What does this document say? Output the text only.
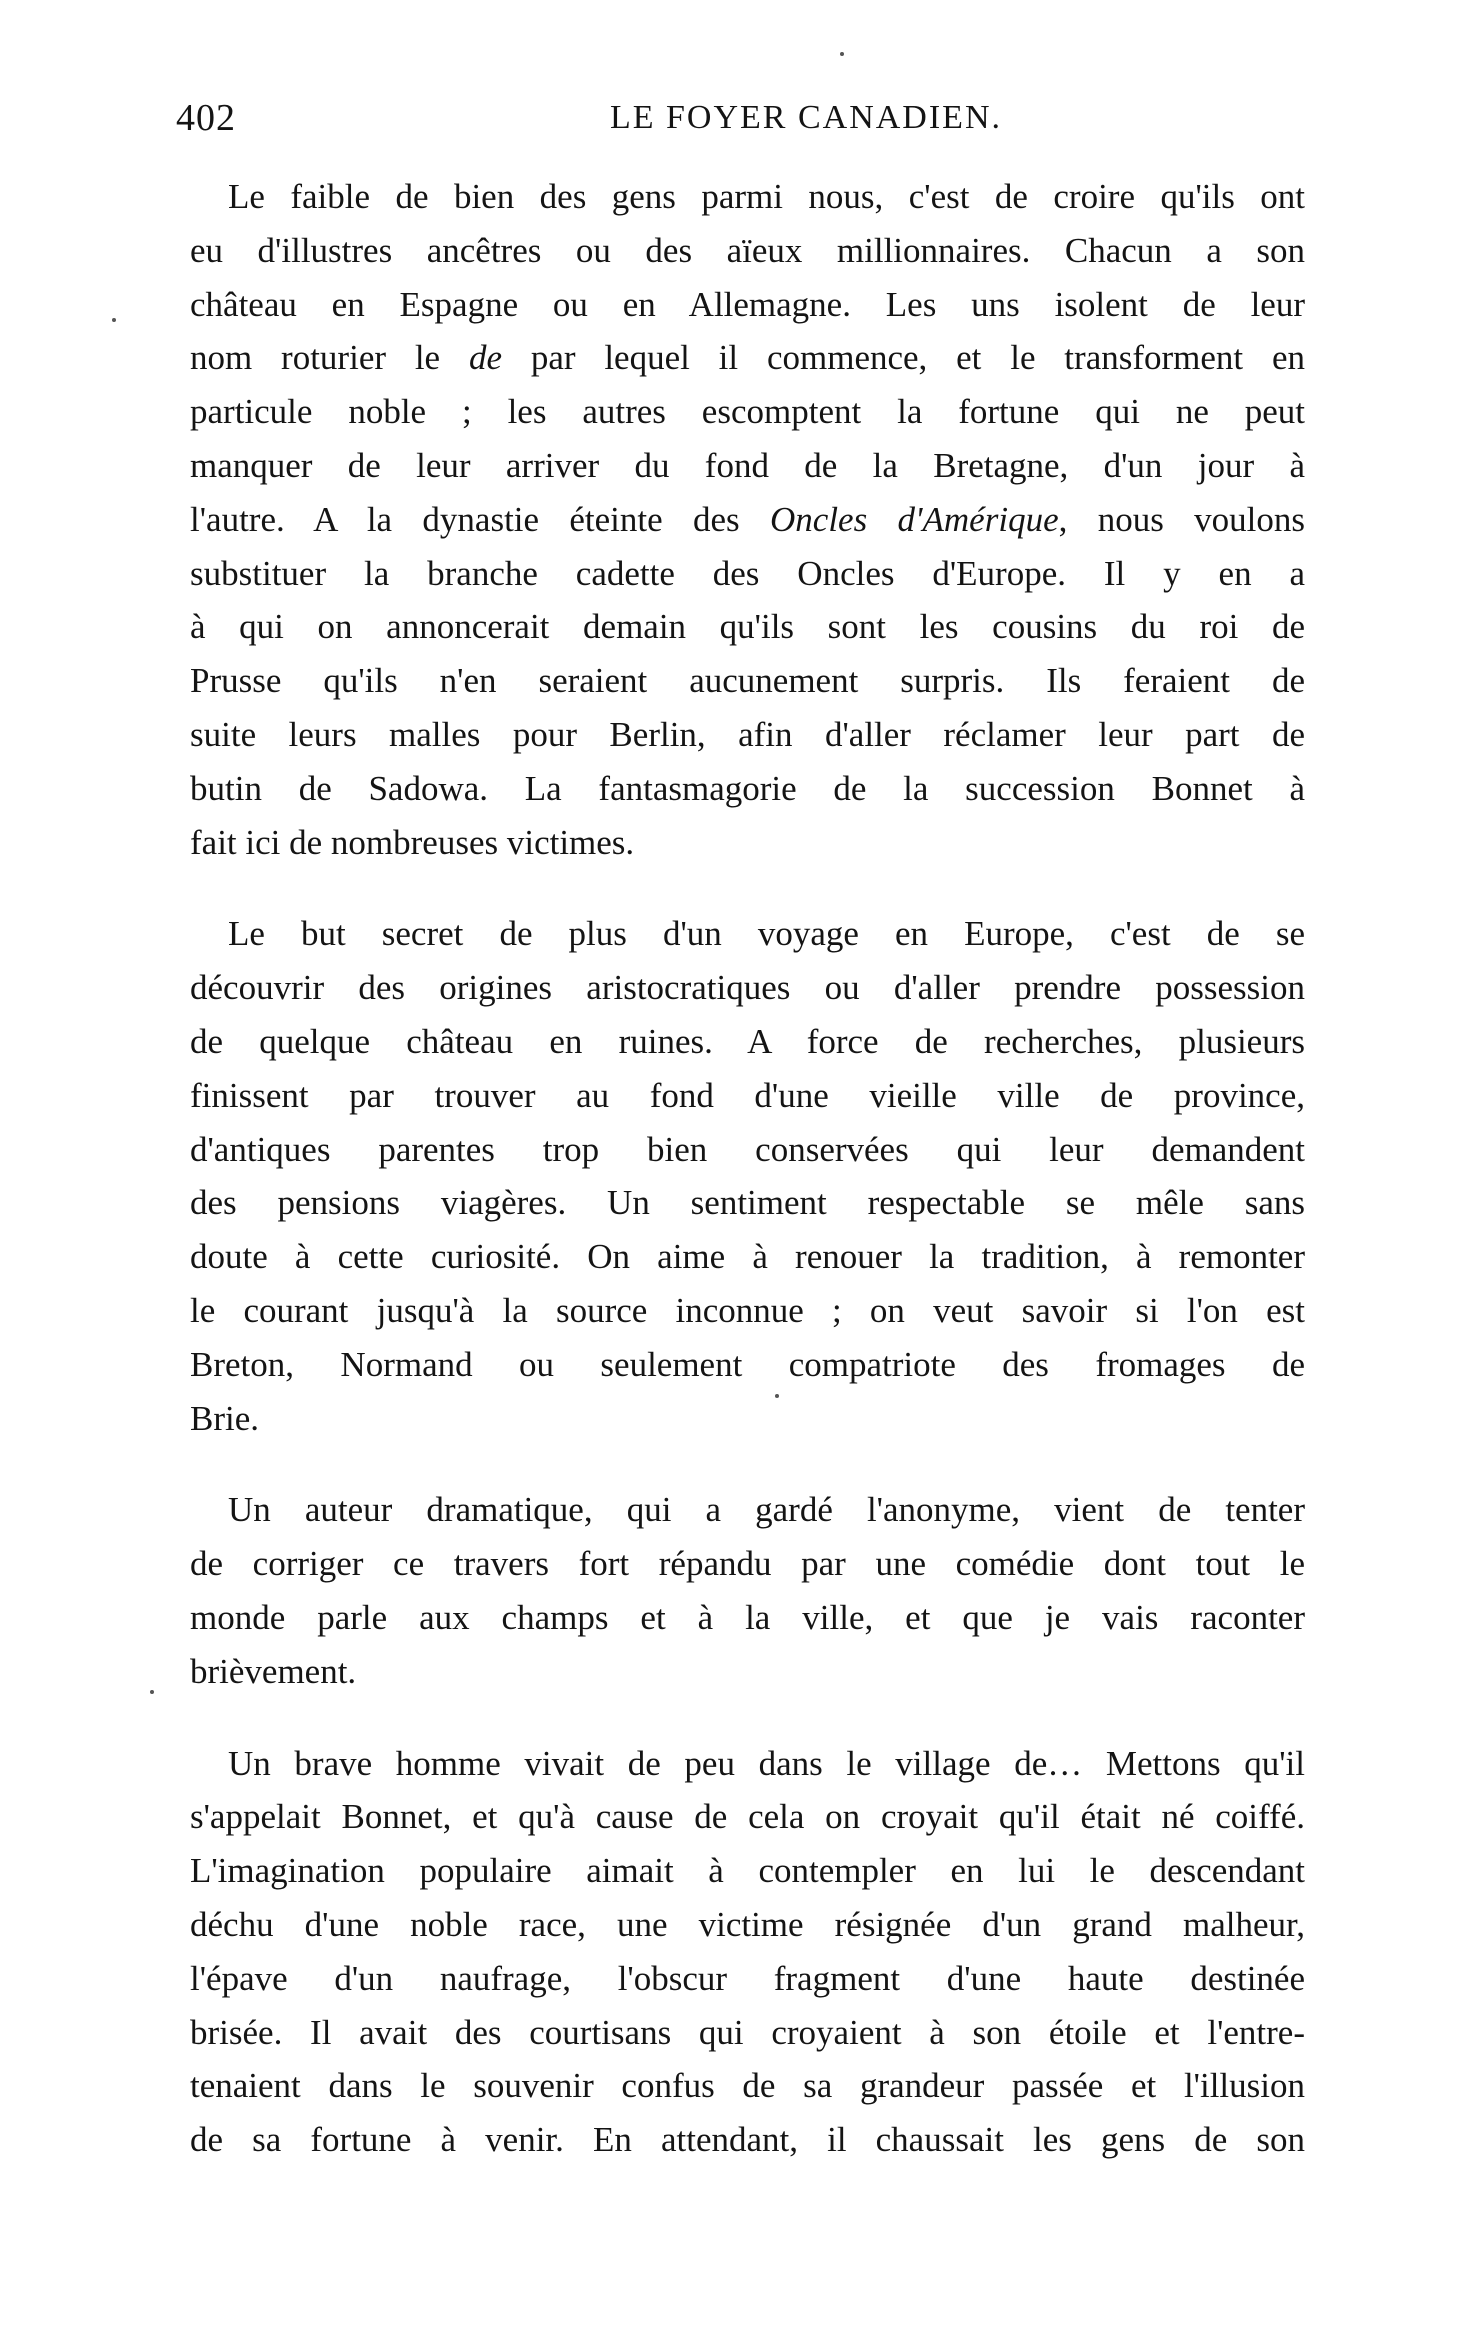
402	LE FOYER CANADIEN.
Le faible de bien des gens parmi nous, c'est de croire qu'ils ont
eu d'illustres ancêtres ou des aïeux millionnaires. Chacun a son
château en Espagne ou en Allemagne. Les uns isolent de leur
nom roturier le de par lequel il commence, et le transforment en
particule noble ; les autres escomptent la fortune qui ne peut
manquer de leur arriver du fond de la Bretagne, d'un jour à
l'autre. A la dynastie éteinte des Oncles d'Amérique, nous voulons
substituer la branche cadette des Oncles d'Europe. Il y en a
à qui on annoncerait demain qu'ils sont les cousins du roi de
Prusse qu'ils n'en seraient aucunement surpris. Ils feraient de
suite leurs malles pour Berlin, afin d'aller réclamer leur part de
butin de Sadowa. La fantasmagorie de la succession Bonnet à
fait ici de nombreuses victimes.
Le but secret de plus d'un voyage en Europe, c'est de se
découvrir des origines aristocratiques ou d'aller prendre possession
de quelque château en ruines. A force de recherches, plusieurs
finissent par trouver au fond d'une vieille ville de province,
d'antiques parentes trop bien conservées qui leur demandent
des pensions viagères. Un sentiment respectable se mêle sans
doute à cette curiosité. On aime à renouer la tradition, à remonter
le courant jusqu'à la source inconnue ; on veut savoir si l'on est
Breton, Normand ou seulement compatriote des fromages de
Brie.
Un auteur dramatique, qui a gardé l'anonyme, vient de tenter
de corriger ce travers fort répandu par une comédie dont tout le
monde parle aux champs et à la ville, et que je vais raconter
brièvement.
Un brave homme vivait de peu dans le village de… Mettons qu'il
s'appelait Bonnet, et qu'à cause de cela on croyait qu'il était né coiffé.
L'imagination populaire aimait à contempler en lui le descendant
déchu d'une noble race, une victime résignée d'un grand malheur,
l'épave d'un naufrage, l'obscur fragment d'une haute destinée
brisée. Il avait des courtisans qui croyaient à son étoile et l'entre-
tenaient dans le souvenir confus de sa grandeur passée et l'illusion
de sa fortune à venir. En attendant, il chaussait les gens de son
